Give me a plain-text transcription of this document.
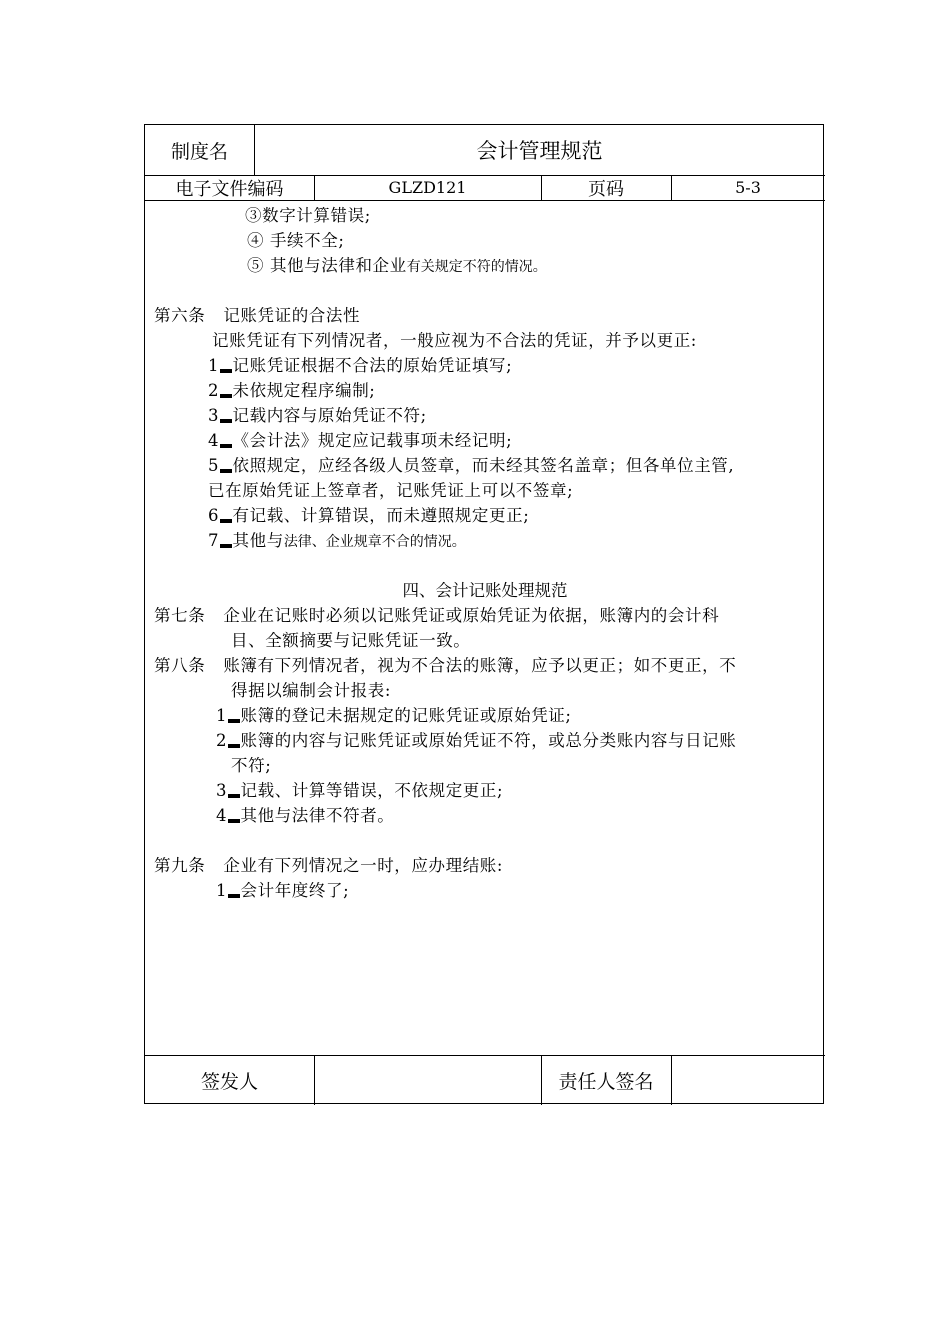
制度名	会计管理规范
电子文件编码	GLZD121	页码	5-3
③数字计算错误;
④ 手续不全;
⑤ 其他与法律和企业有关规定不符的情况。
第六条 记账凭证的合法性
记账凭证有下列情况者，一般应视为不合法的凭证，并予以更正:
1 记账凭证根据不合法的原始凭证填写;
2 未依规定程序编制;
3 记载内容与原始凭证不符;
4 《会计法》规定应记载事项未经记明;
5 依照规定，应经各级人员签章，而未经其签名盖章；但各单位主管,
已在原始凭证上签章者，记账凭证上可以不签章;
6 有记载、计算错误，而未遵照规定更正;
7 其他与法律、企业规章不合的情况。
四、会计记账处理规范
第七条 企业在记账时必须以记账凭证或原始凭证为依据，账簿内的会计科
目、全额摘要与记账凭证一致。
第八条 账簿有下列情况者，视为不合法的账簿，应予以更正；如不更正，不
得据以编制会计报表:
1 账簿的登记未据规定的记账凭证或原始凭证;
2 账簿的内容与记账凭证或原始凭证不符，或总分类账内容与日记账
不符;
3 记载、计算等错误，不依规定更正;
4 其他与法律不符者。
第九条 企业有下列情况之一时，应办理结账:
1 会计年度终了;
签发人	责任人签名
